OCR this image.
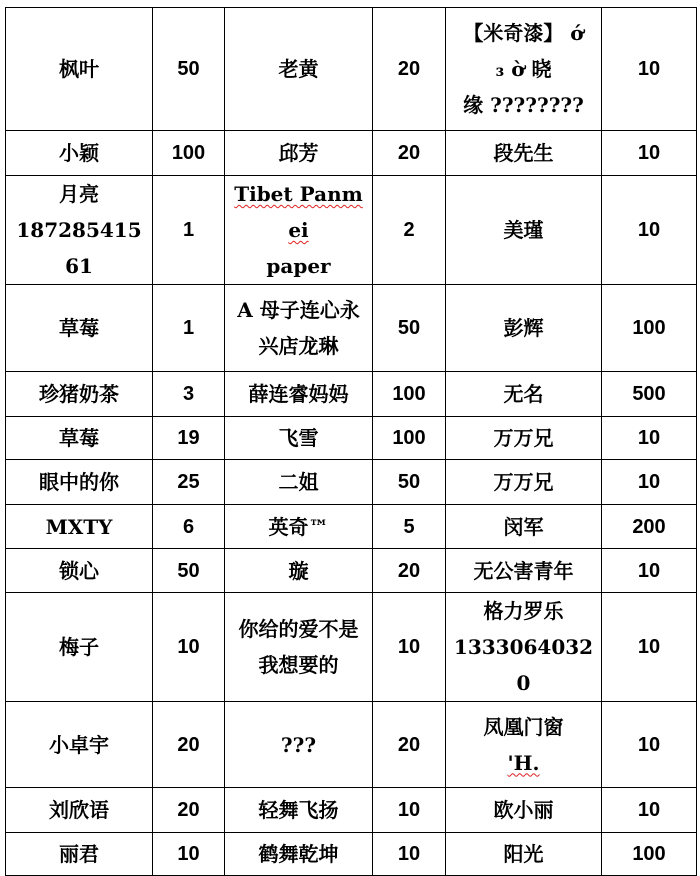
枫叶	50	老黄	20	【米奇漆】 ớ
₃ ờ 晓
缘 ????????	10

小颖	100	邱芳	20	段先生	10

月亮
18728541561	1	Tibet Panmei
paper	2	美瑾	10

草莓	1	A 母子连心永
兴店龙琳	50	彭辉	100

珍猪奶茶	3	薛连睿妈妈	100	无名	500

草莓	19	飞雪	100	万万兄	10

眼中的你	25	二姐	50	万万兄	10

MXTY	6	英奇™	5	闵军	200

锁心	50	璇	20	无公害青年	10

梅子	10	你给的爱不是
我想要的	10	格力罗乐
13330640320	10

小卓宇	20	???	20	凤凰门窗
'H.	10

刘欣语	20	轻舞飞扬	10	欧小丽	10

丽君	10	鹤舞乾坤	10	阳光	100
